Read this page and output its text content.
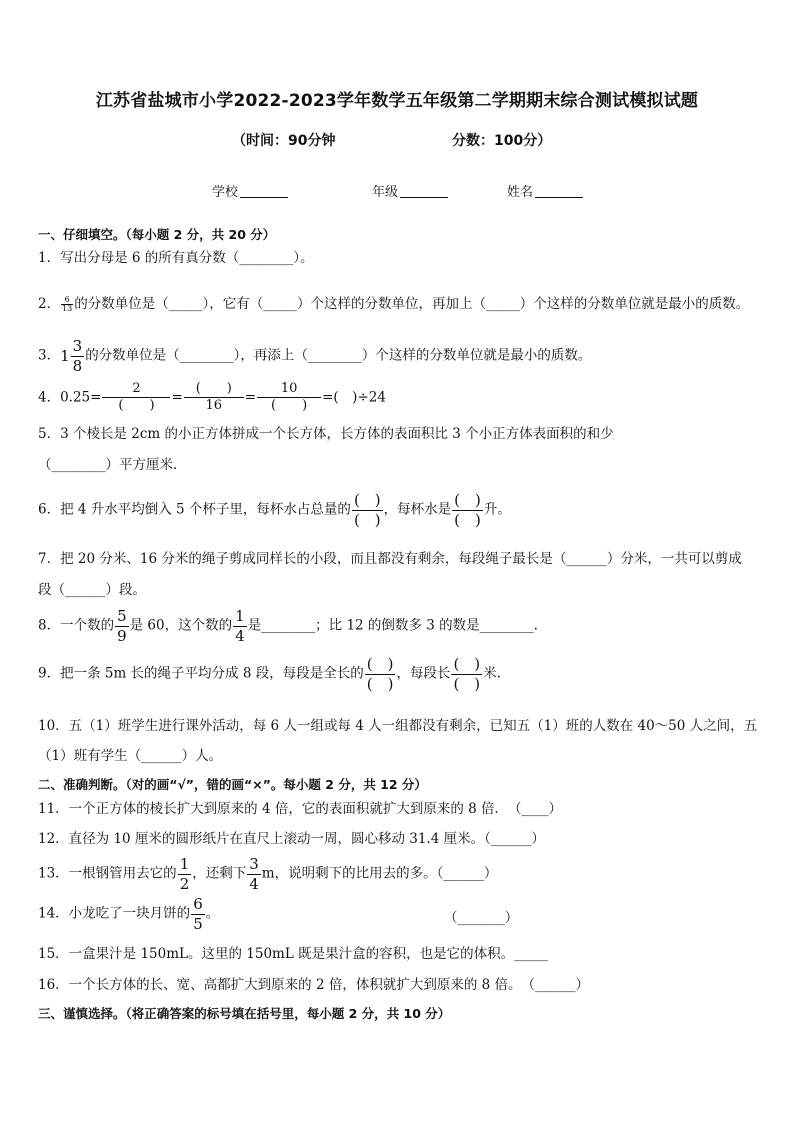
江苏省盐城市小学2022-2023学年数学五年级第二学期期末综合测试模拟试题
（时间：90分钟	分数：100分）
学校	年级	姓名
一、仔细填空。（每小题 2 分，共 20 分）
1．写出分母是 6 的所有真分数（________）。
2． $\frac{6}{13}$ 的分数单位是（_____），它有（_____）个这样的分数单位，再加上（_____）个这样的分数单位就是最小的质数。
3．$1 \frac{3}{8}$ 的分数单位是（________），再添上（________）个这样的分数单位就是最小的质数。
4．$0.25= \frac{2}{( )} = \frac{( )}{16} = \frac{10}{( )}$ =(　)÷24
5．3 个棱长是 2cm 的小正方体拼成一个长方体，长方体的表面积比 3 个小正方体表面积的和少
（________）平方厘米.
6．把 4 升水平均倒入 5 个杯子里，每杯水占总量的 $\frac{( )}{( )}$ ，每杯水是 $\frac{( )}{( )}$ 升。
7．把 20 分米、16 分米的绳子剪成同样长的小段，而且都没有剩余，每段绳子最长是（______）分米，一共可以剪成
段（______）段。
8．一个数的 $\frac{5}{9}$ 是 60，这个数的 $\frac{1}{4}$ 是________；比 12 的倒数多 3 的数是________.
9．把一条 5m 长的绳子平均分成 8 段，每段是全长的 $\frac{( )}{( )}$ ，每段长 $\frac{( )}{( )}$ 米.
10．五（1）班学生进行课外活动，每 6 人一组或每 4 人一组都没有剩余，已知五（1）班的人数在 40～50 人之间，五
（1）班有学生（______）人。
二、准确判断。（对的画“√”，错的画“×”。每小题 2 分，共 12 分）
11．一个正方体的棱长扩大到原来的 4 倍，它的表面积就扩大到原来的 8 倍．　（____）
12．直径为 10 厘米的圆形纸片在直尺上滚动一周，圆心移动 31.4 厘米。（______）
13．一根钢管用去它的 $\frac{1}{2}$ ，还剩下 $\frac{3}{4}$ m，说明剩下的比用去的多。（______）
14．小龙吃了一块月饼的 $\frac{6}{5}$ 。	（_______）
15．一盒果汁是 150mL。这里的 150mL 既是果汁盒的容积，也是它的体积。_____
16．一个长方体的长、宽、高都扩大到原来的 2 倍，体积就扩大到原来的 8 倍。　（______）
三、谨慎选择。（将正确答案的标号填在括号里，每小题 2 分，共 10 分）
